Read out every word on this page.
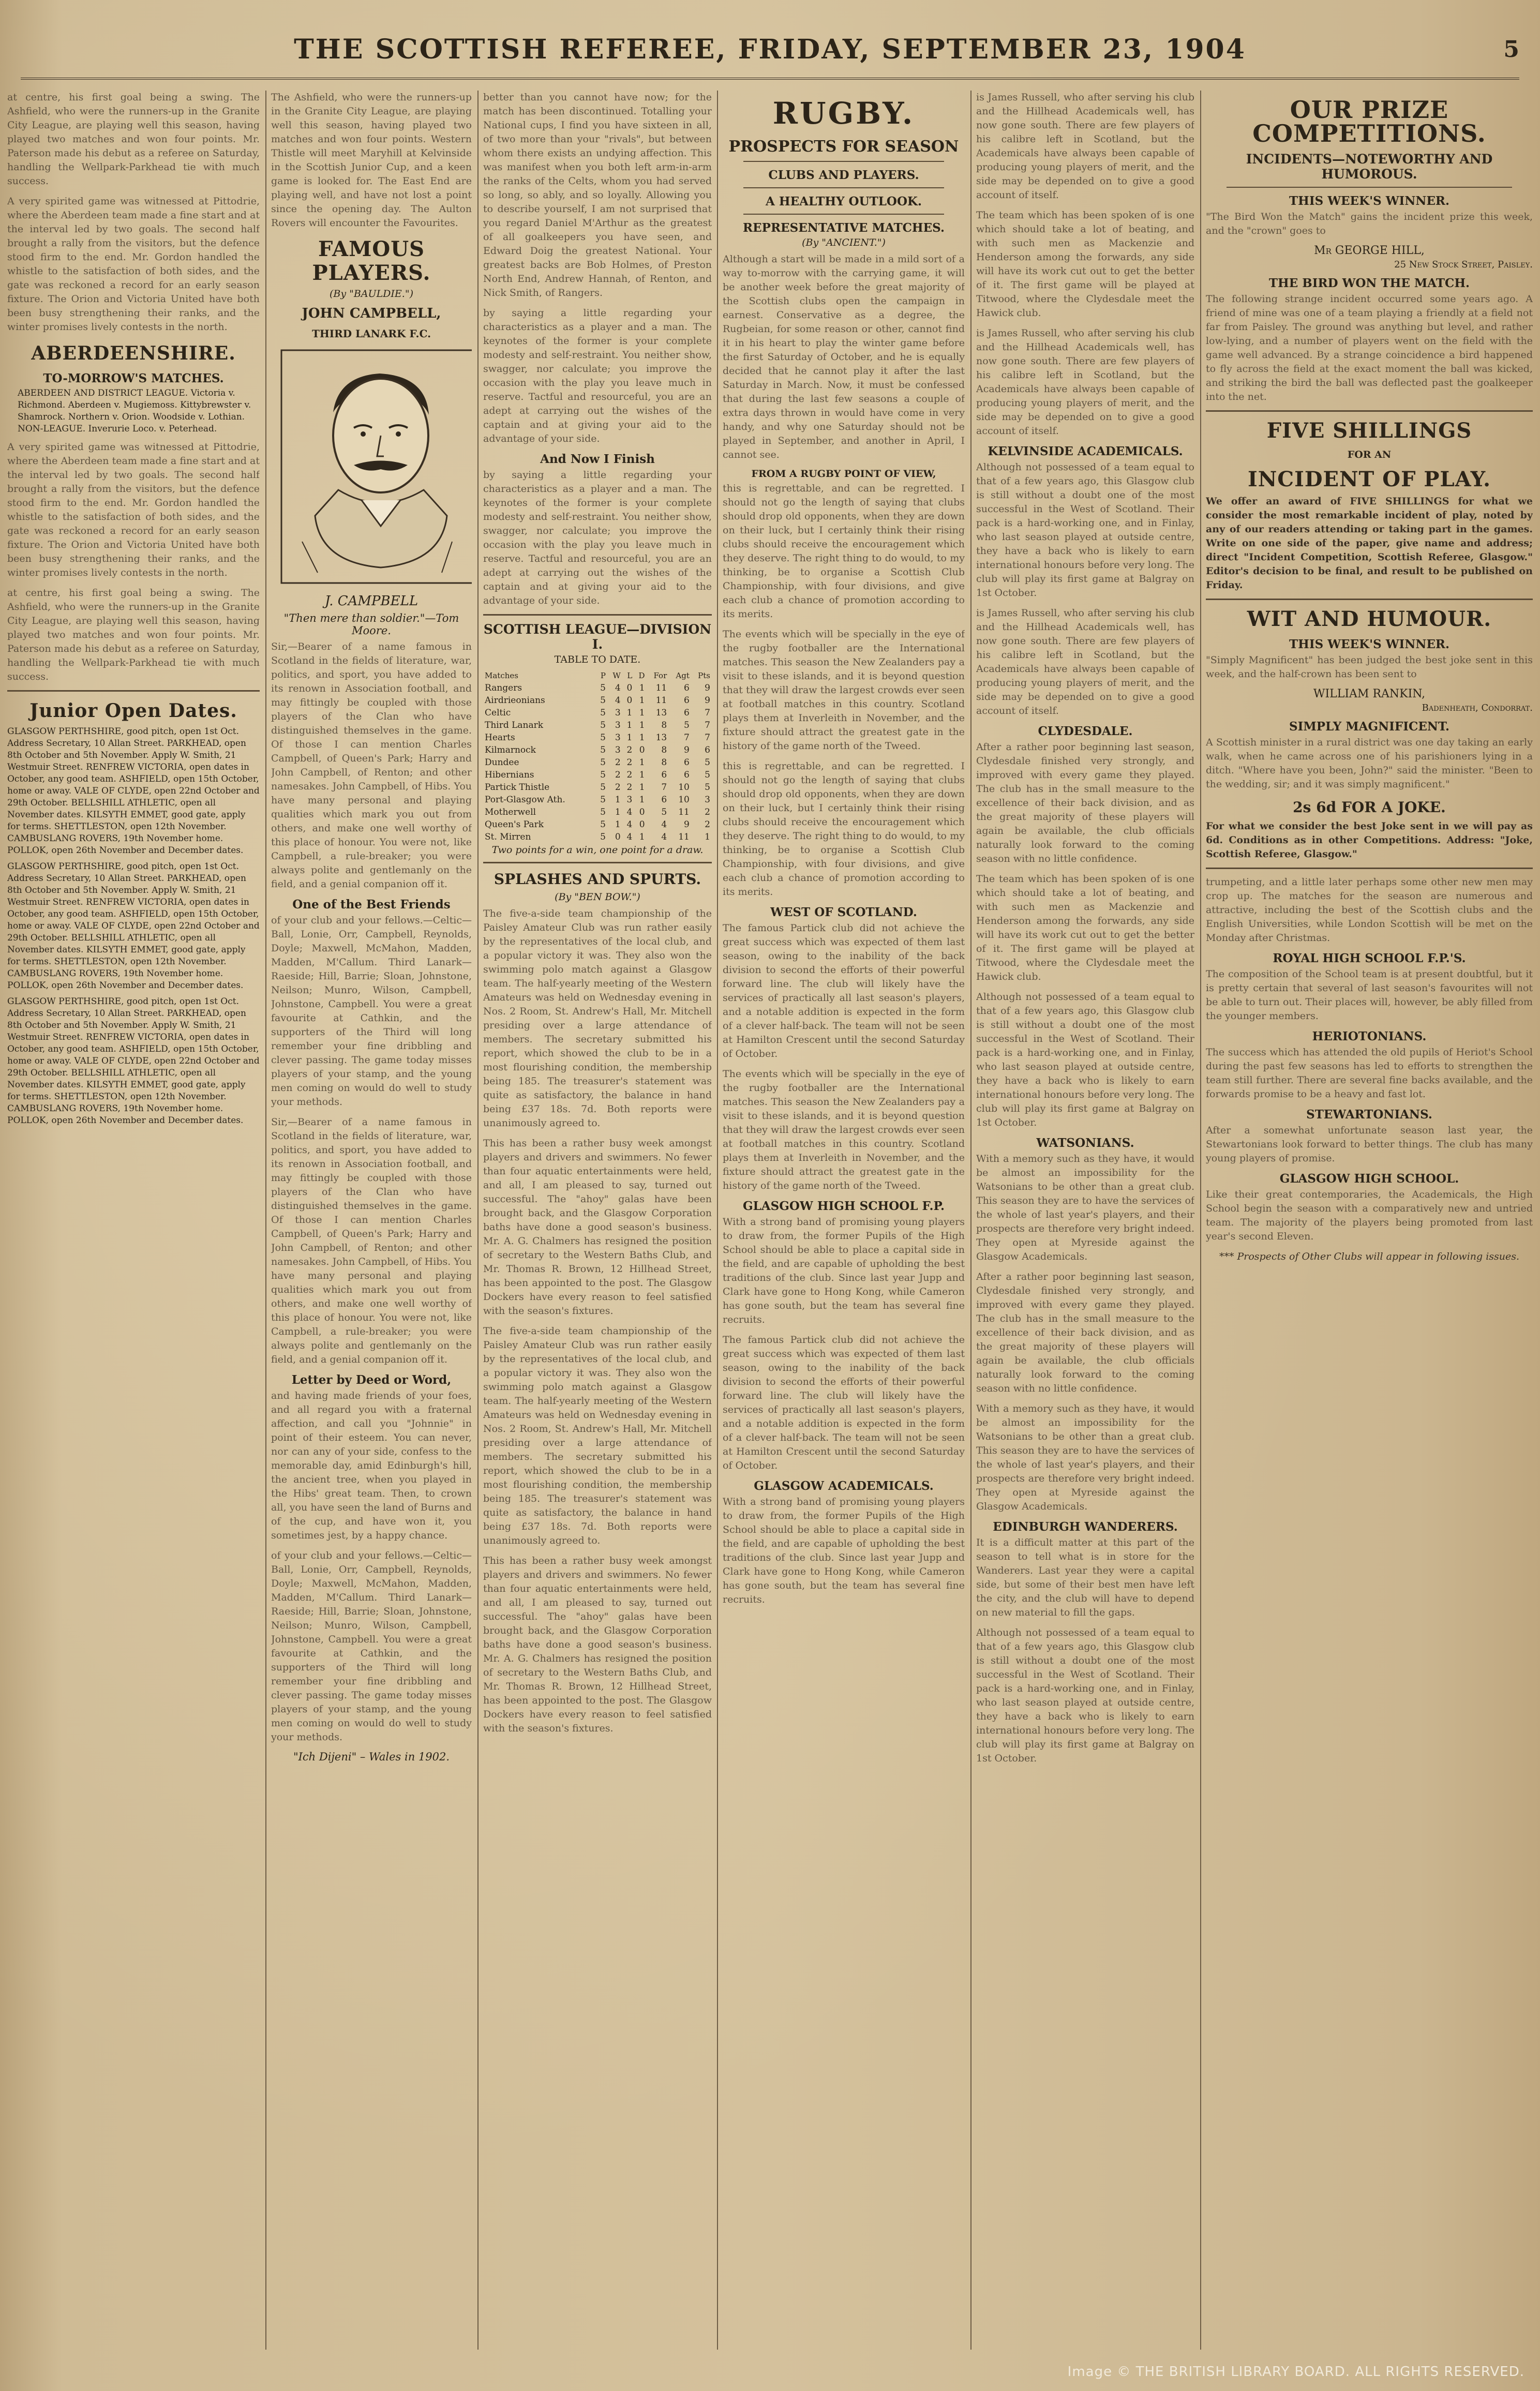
THE SCOTTISH REFEREE, FRIDAY, SEPTEMBER 23, 1904	5

at centre, his first goal being a swing. The Ashfield, who were the runners-up in the Granite City League, are playing well this season, having played two matches and won four points. Mr. Paterson made his debut as a referee on Saturday, handling the Wellpark-Parkhead tie with much success.

A very spirited game was witnessed at Pittodrie, where the Aberdeen team made a fine start and at the interval led by two goals. The second half brought a rally from the visitors, but the defence stood firm to the end. Mr. Gordon handled the whistle to the satisfaction of both sides, and the gate was reckoned a record for an early season fixture. The Orion and Victoria United have both been busy strengthening their ranks, and the winter promises lively contests in the north.

ABERDEENSHIRE.
TO-MORROW'S MATCHES.

ABERDEEN AND DISTRICT LEAGUE. Victoria v. Richmond. Aberdeen v. Mugiemoss. Kittybrewster v. Shamrock. Northern v. Orion. Woodside v. Lothian. NON-LEAGUE. Inverurie Loco. v. Peterhead.

A very spirited game was witnessed at Pittodrie, where the Aberdeen team made a fine start and at the interval led by two goals. The second half brought a rally from the visitors, but the defence stood firm to the end. Mr. Gordon handled the whistle to the satisfaction of both sides, and the gate was reckoned a record for an early season fixture. The Orion and Victoria United have both been busy strengthening their ranks, and the winter promises lively contests in the north.

at centre, his first goal being a swing. The Ashfield, who were the runners-up in the Granite City League, are playing well this season, having played two matches and won four points. Mr. Paterson made his debut as a referee on Saturday, handling the Wellpark-Parkhead tie with much success.

Junior Open Dates.

GLASGOW PERTHSHIRE, good pitch, open 1st Oct. Address Secretary, 10 Allan Street. PARKHEAD, open 8th October and 5th November. Apply W. Smith, 21 Westmuir Street. RENFREW VICTORIA, open dates in October, any good team. ASHFIELD, open 15th October, home or away. VALE OF CLYDE, open 22nd October and 29th October. BELLSHILL ATHLETIC, open all November dates. KILSYTH EMMET, good gate, apply for terms. SHETTLESTON, open 12th November. CAMBUSLANG ROVERS, 19th November home. POLLOK, open 26th November and December dates.

GLASGOW PERTHSHIRE, good pitch, open 1st Oct. Address Secretary, 10 Allan Street. PARKHEAD, open 8th October and 5th November. Apply W. Smith, 21 Westmuir Street. RENFREW VICTORIA, open dates in October, any good team. ASHFIELD, open 15th October, home or away. VALE OF CLYDE, open 22nd October and 29th October. BELLSHILL ATHLETIC, open all November dates. KILSYTH EMMET, good gate, apply for terms. SHETTLESTON, open 12th November. CAMBUSLANG ROVERS, 19th November home. POLLOK, open 26th November and December dates.

GLASGOW PERTHSHIRE, good pitch, open 1st Oct. Address Secretary, 10 Allan Street. PARKHEAD, open 8th October and 5th November. Apply W. Smith, 21 Westmuir Street. RENFREW VICTORIA, open dates in October, any good team. ASHFIELD, open 15th October, home or away. VALE OF CLYDE, open 22nd October and 29th October. BELLSHILL ATHLETIC, open all November dates. KILSYTH EMMET, good gate, apply for terms. SHETTLESTON, open 12th November. CAMBUSLANG ROVERS, 19th November home. POLLOK, open 26th November and December dates.

The Ashfield, who were the runners-up in the Granite City League, are playing well this season, having played two matches and won four points. Western Thistle will meet Maryhill at Kelvinside in the Scottish Junior Cup, and a keen game is looked for. The East End are playing well, and have not lost a point since the opening day. The Aulton Rovers will encounter the Favourites.

FAMOUS PLAYERS.
(By "BAULDIE.")
JOHN CAMPBELL,
THIRD LANARK F.C.
J. CAMPBELL
"Then mere than soldier."—Tom Moore.

Sir,—Bearer of a name famous in Scotland in the fields of literature, war, politics, and sport, you have added to its renown in Association football, and may fittingly be coupled with those players of the Clan who have distinguished themselves in the game. Of those I can mention Charles Campbell, of Queen's Park; Harry and John Campbell, of Renton; and other namesakes. John Campbell, of Hibs. You have many personal and playing qualities which mark you out from others, and make one well worthy of this place of honour. You were not, like Campbell, a rule-breaker; you were always polite and gentlemanly on the field, and a genial companion off it.

One of the Best Friends

of your club and your fellows.—Celtic—Ball, Lonie, Orr, Campbell, Reynolds, Doyle; Maxwell, McMahon, Madden, Madden, M'Callum. Third Lanark—Raeside; Hill, Barrie; Sloan, Johnstone, Neilson; Munro, Wilson, Campbell, Johnstone, Campbell. You were a great favourite at Cathkin, and the supporters of the Third will long remember your fine dribbling and clever passing. The game today misses players of your stamp, and the young men coming on would do well to study your methods.

Sir,—Bearer of a name famous in Scotland in the fields of literature, war, politics, and sport, you have added to its renown in Association football, and may fittingly be coupled with those players of the Clan who have distinguished themselves in the game. Of those I can mention Charles Campbell, of Queen's Park; Harry and John Campbell, of Renton; and other namesakes. John Campbell, of Hibs. You have many personal and playing qualities which mark you out from others, and make one well worthy of this place of honour. You were not, like Campbell, a rule-breaker; you were always polite and gentlemanly on the field, and a genial companion off it.

Letter by Deed or Word,

and having made friends of your foes, and all regard you with a fraternal affection, and call you "Johnnie" in point of their esteem. You can never, nor can any of your side, confess to the memorable day, amid Edinburgh's hill, the ancient tree, when you played in the Hibs' great team. Then, to crown all, you have seen the land of Burns and of the cup, and have won it, you sometimes jest, by a happy chance.

of your club and your fellows.—Celtic—Ball, Lonie, Orr, Campbell, Reynolds, Doyle; Maxwell, McMahon, Madden, Madden, M'Callum. Third Lanark—Raeside; Hill, Barrie; Sloan, Johnstone, Neilson; Munro, Wilson, Campbell, Johnstone, Campbell. You were a great favourite at Cathkin, and the supporters of the Third will long remember your fine dribbling and clever passing. The game today misses players of your stamp, and the young men coming on would do well to study your methods.

"Ich Dijeni" – Wales in 1902.

better than you cannot have now; for the match has been discontinued. Totalling your National cups, I find you have sixteen in all, of two more than your "rivals", but between whom there exists an undying affection. This was manifest when you both left arm-in-arm the ranks of the Celts, whom you had served so long, so ably, and so loyally. Allowing you to describe yourself, I am not surprised that you regard Daniel M'Arthur as the greatest of all goalkeepers you have seen, and Edward Doig the greatest National. Your greatest backs are Bob Holmes, of Preston North End, Andrew Hannah, of Renton, and Nick Smith, of Rangers.

by saying a little regarding your characteristics as a player and a man. The keynotes of the former is your complete modesty and self-restraint. You neither show, swagger, nor calculate; you improve the occasion with the play you leave much in reserve. Tactful and resourceful, you are an adept at carrying out the wishes of the captain and at giving your aid to the advantage of your side.

And Now I Finish

by saying a little regarding your characteristics as a player and a man. The keynotes of the former is your complete modesty and self-restraint. You neither show, swagger, nor calculate; you improve the occasion with the play you leave much in reserve. Tactful and resourceful, you are an adept at carrying out the wishes of the captain and at giving your aid to the advantage of your side.

SCOTTISH LEAGUE—DIVISION I.
TABLE TO DATE.
Matches	P	W	L	D	For	Agt	Pts
Rangers	5	4	0	1	11	6	9
Airdrieonians	5	4	0	1	11	6	9
Celtic	5	3	1	1	13	6	7
Third Lanark	5	3	1	1	8	5	7
Hearts	5	3	1	1	13	7	7
Kilmarnock	5	3	2	0	8	9	6
Dundee	5	2	2	1	8	6	5
Hibernians	5	2	2	1	6	6	5
Partick Thistle	5	2	2	1	7	10	5
Port-Glasgow Ath.	5	1	3	1	6	10	3
Motherwell	5	1	4	0	5	11	2
Queen's Park	5	1	4	0	4	9	2
St. Mirren	5	0	4	1	4	11	1
Two points for a win, one point for a draw.
SPLASHES AND SPURTS.
(By "BEN BOW.")

The five-a-side team championship of the Paisley Amateur Club was run rather easily by the representatives of the local club, and a popular victory it was. They also won the swimming polo match against a Glasgow team. The half-yearly meeting of the Western Amateurs was held on Wednesday evening in Nos. 2 Room, St. Andrew's Hall, Mr. Mitchell presiding over a large attendance of members. The secretary submitted his report, which showed the club to be in a most flourishing condition, the membership being 185. The treasurer's statement was quite as satisfactory, the balance in hand being £37 18s. 7d. Both reports were unanimously agreed to.

This has been a rather busy week amongst players and drivers and swimmers. No fewer than four aquatic entertainments were held, and all, I am pleased to say, turned out successful. The "ahoy" galas have been brought back, and the Glasgow Corporation baths have done a good season's business. Mr. A. G. Chalmers has resigned the position of secretary to the Western Baths Club, and Mr. Thomas R. Brown, 12 Hillhead Street, has been appointed to the post. The Glasgow Dockers have every reason to feel satisfied with the season's fixtures.

The five-a-side team championship of the Paisley Amateur Club was run rather easily by the representatives of the local club, and a popular victory it was. They also won the swimming polo match against a Glasgow team. The half-yearly meeting of the Western Amateurs was held on Wednesday evening in Nos. 2 Room, St. Andrew's Hall, Mr. Mitchell presiding over a large attendance of members. The secretary submitted his report, which showed the club to be in a most flourishing condition, the membership being 185. The treasurer's statement was quite as satisfactory, the balance in hand being £37 18s. 7d. Both reports were unanimously agreed to.

This has been a rather busy week amongst players and drivers and swimmers. No fewer than four aquatic entertainments were held, and all, I am pleased to say, turned out successful. The "ahoy" galas have been brought back, and the Glasgow Corporation baths have done a good season's business. Mr. A. G. Chalmers has resigned the position of secretary to the Western Baths Club, and Mr. Thomas R. Brown, 12 Hillhead Street, has been appointed to the post. The Glasgow Dockers have every reason to feel satisfied with the season's fixtures.

RUGBY.
PROSPECTS FOR SEASON
CLUBS AND PLAYERS.
A HEALTHY OUTLOOK.
REPRESENTATIVE MATCHES.
(By "ANCIENT.")

Although a start will be made in a mild sort of a way to-morrow with the carrying game, it will be another week before the great majority of the Scottish clubs open the campaign in earnest. Conservative as a degree, the Rugbeian, for some reason or other, cannot find it in his heart to play the winter game before the first Saturday of October, and he is equally decided that he cannot play it after the last Saturday in March. Now, it must be confessed that during the last few seasons a couple of extra days thrown in would have come in very handy, and why one Saturday should not be played in September, and another in April, I cannot see.

FROM A RUGBY POINT OF VIEW,

this is regrettable, and can be regretted. I should not go the length of saying that clubs should drop old opponents, when they are down on their luck, but I certainly think their rising clubs should receive the encouragement which they deserve. The right thing to do would, to my thinking, be to organise a Scottish Club Championship, with four divisions, and give each club a chance of promotion according to its merits.

The events which will be specially in the eye of the rugby footballer are the International matches. This season the New Zealanders pay a visit to these islands, and it is beyond question that they will draw the largest crowds ever seen at football matches in this country. Scotland plays them at Inverleith in November, and the fixture should attract the greatest gate in the history of the game north of the Tweed.

this is regrettable, and can be regretted. I should not go the length of saying that clubs should drop old opponents, when they are down on their luck, but I certainly think their rising clubs should receive the encouragement which they deserve. The right thing to do would, to my thinking, be to organise a Scottish Club Championship, with four divisions, and give each club a chance of promotion according to its merits.

WEST OF SCOTLAND.

The famous Partick club did not achieve the great success which was expected of them last season, owing to the inability of the back division to second the efforts of their powerful forward line. The club will likely have the services of practically all last season's players, and a notable addition is expected in the form of a clever half-back. The team will not be seen at Hamilton Crescent until the second Saturday of October.

The events which will be specially in the eye of the rugby footballer are the International matches. This season the New Zealanders pay a visit to these islands, and it is beyond question that they will draw the largest crowds ever seen at football matches in this country. Scotland plays them at Inverleith in November, and the fixture should attract the greatest gate in the history of the game north of the Tweed.

GLASGOW HIGH SCHOOL F.P.

With a strong band of promising young players to draw from, the former Pupils of the High School should be able to place a capital side in the field, and are capable of upholding the best traditions of the club. Since last year Jupp and Clark have gone to Hong Kong, while Cameron has gone south, but the team has several fine recruits.

The famous Partick club did not achieve the great success which was expected of them last season, owing to the inability of the back division to second the efforts of their powerful forward line. The club will likely have the services of practically all last season's players, and a notable addition is expected in the form of a clever half-back. The team will not be seen at Hamilton Crescent until the second Saturday of October.

GLASGOW ACADEMICALS.

With a strong band of promising young players to draw from, the former Pupils of the High School should be able to place a capital side in the field, and are capable of upholding the best traditions of the club. Since last year Jupp and Clark have gone to Hong Kong, while Cameron has gone south, but the team has several fine recruits.

is James Russell, who after serving his club and the Hillhead Academicals well, has now gone south. There are few players of his calibre left in Scotland, but the Academicals have always been capable of producing young players of merit, and the side may be depended on to give a good account of itself.

The team which has been spoken of is one which should take a lot of beating, and with such men as Mackenzie and Henderson among the forwards, any side will have its work cut out to get the better of it. The first game will be played at Titwood, where the Clydesdale meet the Hawick club.

is James Russell, who after serving his club and the Hillhead Academicals well, has now gone south. There are few players of his calibre left in Scotland, but the Academicals have always been capable of producing young players of merit, and the side may be depended on to give a good account of itself.

KELVINSIDE ACADEMICALS.

Although not possessed of a team equal to that of a few years ago, this Glasgow club is still without a doubt one of the most successful in the West of Scotland. Their pack is a hard-working one, and in Finlay, who last season played at outside centre, they have a back who is likely to earn international honours before very long. The club will play its first game at Balgray on 1st October.

is James Russell, who after serving his club and the Hillhead Academicals well, has now gone south. There are few players of his calibre left in Scotland, but the Academicals have always been capable of producing young players of merit, and the side may be depended on to give a good account of itself.

CLYDESDALE.

After a rather poor beginning last season, Clydesdale finished very strongly, and improved with every game they played. The club has in the small measure to the excellence of their back division, and as the great majority of these players will again be available, the club officials naturally look forward to the coming season with no little confidence.

The team which has been spoken of is one which should take a lot of beating, and with such men as Mackenzie and Henderson among the forwards, any side will have its work cut out to get the better of it. The first game will be played at Titwood, where the Clydesdale meet the Hawick club.

Although not possessed of a team equal to that of a few years ago, this Glasgow club is still without a doubt one of the most successful in the West of Scotland. Their pack is a hard-working one, and in Finlay, who last season played at outside centre, they have a back who is likely to earn international honours before very long. The club will play its first game at Balgray on 1st October.

WATSONIANS.

With a memory such as they have, it would be almost an impossibility for the Watsonians to be other than a great club. This season they are to have the services of the whole of last year's players, and their prospects are therefore very bright indeed. They open at Myreside against the Glasgow Academicals.

After a rather poor beginning last season, Clydesdale finished very strongly, and improved with every game they played. The club has in the small measure to the excellence of their back division, and as the great majority of these players will again be available, the club officials naturally look forward to the coming season with no little confidence.

With a memory such as they have, it would be almost an impossibility for the Watsonians to be other than a great club. This season they are to have the services of the whole of last year's players, and their prospects are therefore very bright indeed. They open at Myreside against the Glasgow Academicals.

EDINBURGH WANDERERS.

It is a difficult matter at this part of the season to tell what is in store for the Wanderers. Last year they were a capital side, but some of their best men have left the city, and the club will have to depend on new material to fill the gaps.

Although not possessed of a team equal to that of a few years ago, this Glasgow club is still without a doubt one of the most successful in the West of Scotland. Their pack is a hard-working one, and in Finlay, who last season played at outside centre, they have a back who is likely to earn international honours before very long. The club will play its first game at Balgray on 1st October.

OUR PRIZE COMPETITIONS.
INCIDENTS—NOTEWORTHY AND HUMOROUS.
THIS WEEK'S WINNER.

"The Bird Won the Match" gains the incident prize this week, and the "crown" goes to

Mr GEORGE HILL,
25 New Stock Street, Paisley.
THE BIRD WON THE MATCH.

The following strange incident occurred some years ago. A friend of mine was one of a team playing a friendly at a field not far from Paisley. The ground was anything but level, and rather low-lying, and a number of players went on the field with the game well advanced. By a strange coincidence a bird happened to fly across the field at the exact moment the ball was kicked, and striking the bird the ball was deflected past the goalkeeper into the net.

FIVE SHILLINGS
FOR AN
INCIDENT OF PLAY.

We offer an award of FIVE SHILLINGS for what we consider the most remarkable incident of play, noted by any of our readers attending or taking part in the games. Write on one side of the paper, give name and address; direct "Incident Competition, Scottish Referee, Glasgow." Editor's decision to be final, and result to be published on Friday.

WIT AND HUMOUR.
THIS WEEK'S WINNER.

"Simply Magnificent" has been judged the best joke sent in this week, and the half-crown has been sent to

WILLIAM RANKIN,
Badenheath, Condorrat.
SIMPLY MAGNIFICENT.

A Scottish minister in a rural district was one day taking an early walk, when he came across one of his parishioners lying in a ditch. "Where have you been, John?" said the minister. "Been to the wedding, sir; and it was simply magnificent."

2s 6d FOR A JOKE.

For what we consider the best Joke sent in we will pay as 6d. Conditions as in other Competitions. Address: "Joke, Scottish Referee, Glasgow."

trumpeting, and a little later perhaps some other new men may crop up. The matches for the season are numerous and attractive, including the best of the Scottish clubs and the English Universities, while London Scottish will be met on the Monday after Christmas.

ROYAL HIGH SCHOOL F.P.'S.

The composition of the School team is at present doubtful, but it is pretty certain that several of last season's favourites will not be able to turn out. Their places will, however, be ably filled from the younger members.

HERIOTONIANS.

The success which has attended the old pupils of Heriot's School during the past few seasons has led to efforts to strengthen the team still further. There are several fine backs available, and the forwards promise to be a heavy and fast lot.

STEWARTONIANS.

After a somewhat unfortunate season last year, the Stewartonians look forward to better things. The club has many young players of promise.

GLASGOW HIGH SCHOOL.

Like their great contemporaries, the Academicals, the High School begin the season with a comparatively new and untried team. The majority of the players being promoted from last year's second Eleven.

*** Prospects of Other Clubs will appear in following issues.

Image © THE BRITISH LIBRARY BOARD. ALL RIGHTS RESERVED.
